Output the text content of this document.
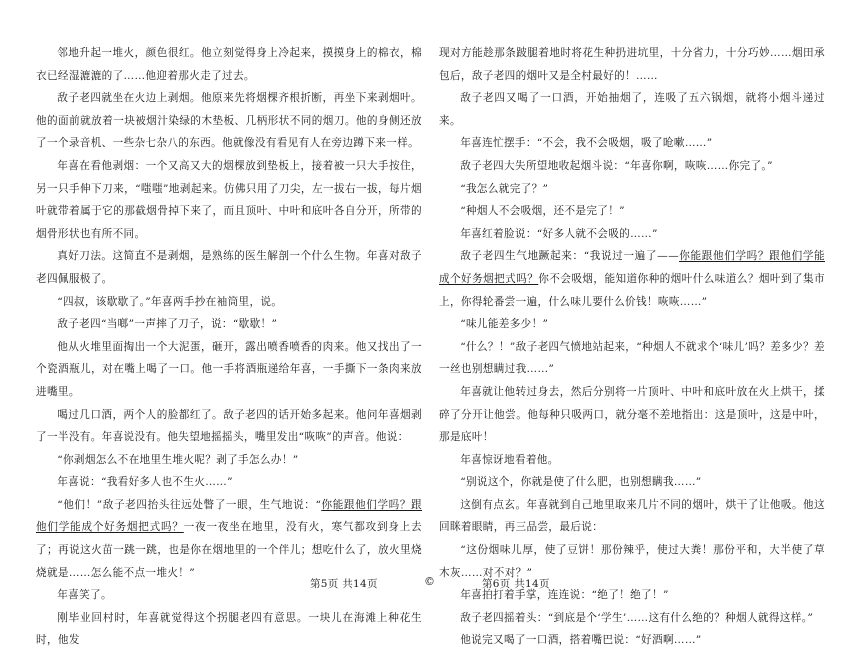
邻地升起一堆火，颜色很红。他立刻觉得身上冷起来，摸摸身上的棉衣，棉衣已经湿漉漉的了……他迎着那火走了过去。

敌子老四就坐在火边上剥烟。他原来先将烟棵齐根折断，再坐下来剥烟叶。他的面前就放着一块被烟汁染绿的木垫板、几柄形状不同的烟刀。他的身侧还放了一个录音机、一些杂七杂八的东西。他就像没有看见有人在旁边蹲下来一样。

年喜在看他剥烟：一个又高又大的烟棵放到垫板上，接着被一只大手按住，另一只手伸下刀来，“嗤嗤”地剥起来。仿佛只用了刀尖，左一拔右一拔，每片烟叶就带着属于它的那截烟骨掉下来了，而且顶叶、中叶和底叶各自分开，所带的烟骨形状也有所不同。

真好刀法。这简直不是剥烟，是熟练的医生解剖一个什么生物。年喜对敌子老四佩服极了。

“四叔，该歇歇了。”年喜两手抄在袖筒里，说。

敌子老四“当啷”一声摔了刀子，说：“歇歇！”

他从火堆里面掏出一个大泥蛋，砸开，露出喷香喷香的肉来。他又找出了一个瓷酒瓶儿，对在嘴上喝了一口。他一手将酒瓶递给年喜，一手撕下一条肉来放进嘴里。

喝过几口酒，两个人的脸都红了。敌子老四的话开始多起来。他问年喜烟剥了一半没有。年喜说没有。他失望地摇摇头，嘴里发出“咴咴”的声音。他说：

“你剥烟怎么不在地里生堆火呢？剥了手怎么办！”

年喜说：“我看好多人也不生火……”

“他们！”敌子老四抬头往远处瞥了一眼，生气地说：“你能跟他们学吗？跟他们学能成个好务烟把式吗？一夜一夜坐在地里，没有火，寒气都攻到身上去了；再说这火苗一跳一跳，也是你在烟地里的一个伴儿；想吃什么了，放火里烧烧就是……怎么能不点一堆火！”

年喜笑了。

刚毕业回村时，年喜就觉得这个拐腿老四有意思。一块儿在海滩上种花生时，他发

现对方能趁那条跛腿着地时将花生种扔进坑里，十分省力，十分巧妙……烟田承包后，敌子老四的烟叶又是全村最好的！……

敌子老四又喝了一口酒，开始抽烟了，连吸了五六锅烟，就将小烟斗递过来。

年喜连忙摆手：“不会，我不会吸烟，吸了呛嗽……”

敌子老四大失所望地收起烟斗说：“年喜你啊，咴咴……你完了。”

“我怎么就完了？”

“种烟人不会吸烟，还不是完了！”

年喜红着脸说：“好多人就不会吸的……”

敌子老四生气地蹶起来：“我说过一遍了——你能跟他们学吗？跟他们学能成个好务烟把式吗？你不会吸烟，能知道你种的烟叶什么味道么？烟叶到了集市上，你得轮番尝一遍，什么味儿要什么价钱！咴咴……”

“味儿能差多少！”

“什么？！”敌子老四气愤地站起来，“种烟人不就求个‘味儿’吗？差多少？差一丝也别想瞒过我……”

年喜就让他转过身去，然后分别将一片顶叶、中叶和底叶放在火上烘干，揉碎了分开让他尝。他每种只吸两口，就分毫不差地指出：这是顶叶，这是中叶，那是底叶！

年喜惊讶地看着他。

“别说这个，你就是使了什么肥，也别想瞒我……”

这倒有点玄。年喜就到自己地里取来几片不同的烟叶，烘干了让他吸。他这回眯着眼睛，再三品尝，最后说：

“这份烟味儿厚，使了豆饼！那份辣乎，使过大粪！那份平和，大半使了草木灰……对不对？”

年喜拍打着手掌，连连说：“绝了！绝了！”

敌子老四摇着头：“到底是个‘学生’……这有什么绝的？种烟人就得这样。”

他说完又喝了一口酒，搭着嘴巴说：“好酒啊……”

第5页 共14页	©	第6页 共14页
